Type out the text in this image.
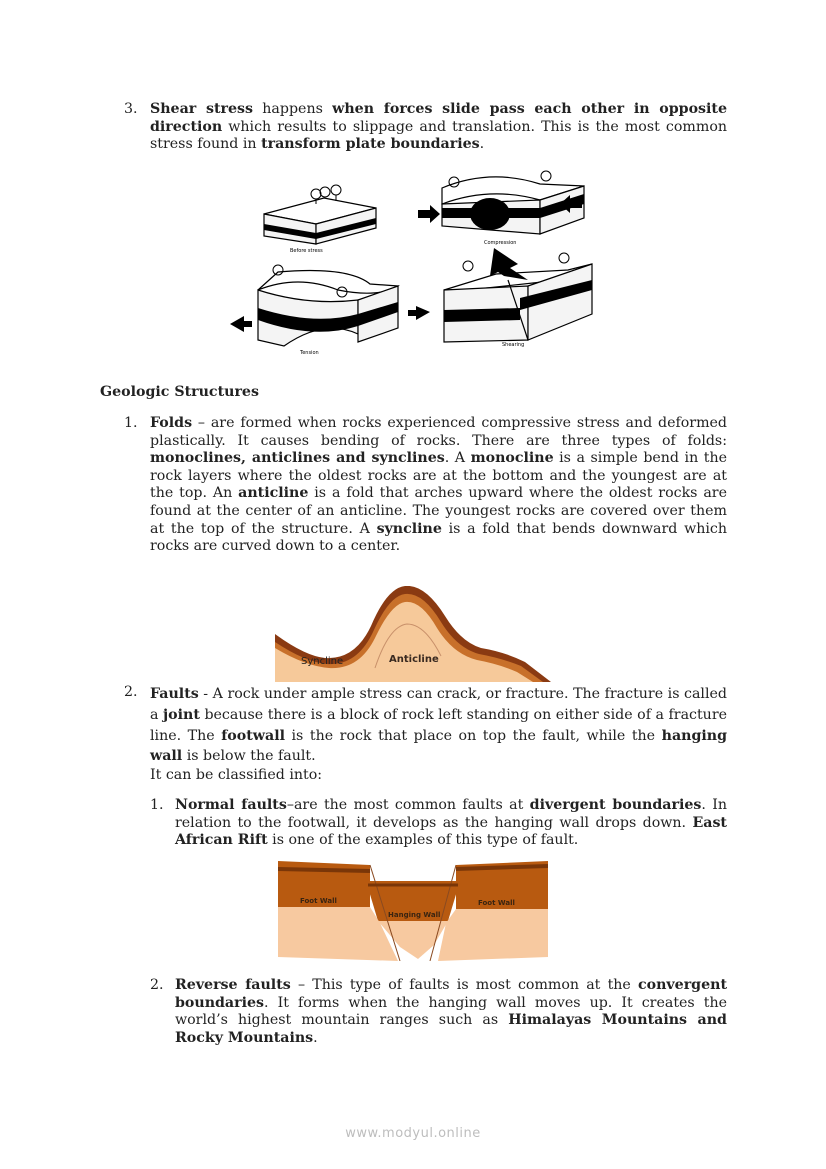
3. Shear stress happens when forces slide pass each other in opposite direction which results to slippage and translation. This is the most common stress found in transform plate boundaries.
Before stress
Compression
Tension
Shearing
Geologic Structures
1. Folds – are formed when rocks experienced compressive stress and deformed plastically. It causes bending of rocks. There are three types of folds: monoclines, anticlines and synclines. A monocline is a simple bend in the rock layers where the oldest rocks are at the bottom and the youngest are at the top. An anticline is a fold that arches upward where the oldest rocks are found at the center of an anticline. The youngest rocks are covered over them at the top of the structure. A syncline is a fold that bends downward which rocks are curved down to a center.
Syncline	Anticline
2. Faults - A rock under ample stress can crack, or fracture. The fracture is called a joint because there is a block of rock left standing on either side of a fracture line. The footwall is the rock that place on top the fault, while the hanging wall is below the fault.
It can be classified into:
1. Normal faults–are the most common faults at divergent boundaries. In relation to the footwall, it develops as the hanging wall drops down. East African Rift is one of the examples of this type of fault.
Foot Wall
Hanging Wall
Foot Wall
2. Reverse faults – This type of faults is most common at the convergent boundaries. It forms when the hanging wall moves up. It creates the world’s highest mountain ranges such as Himalayas Mountains and Rocky Mountains.
www.modyul.online
